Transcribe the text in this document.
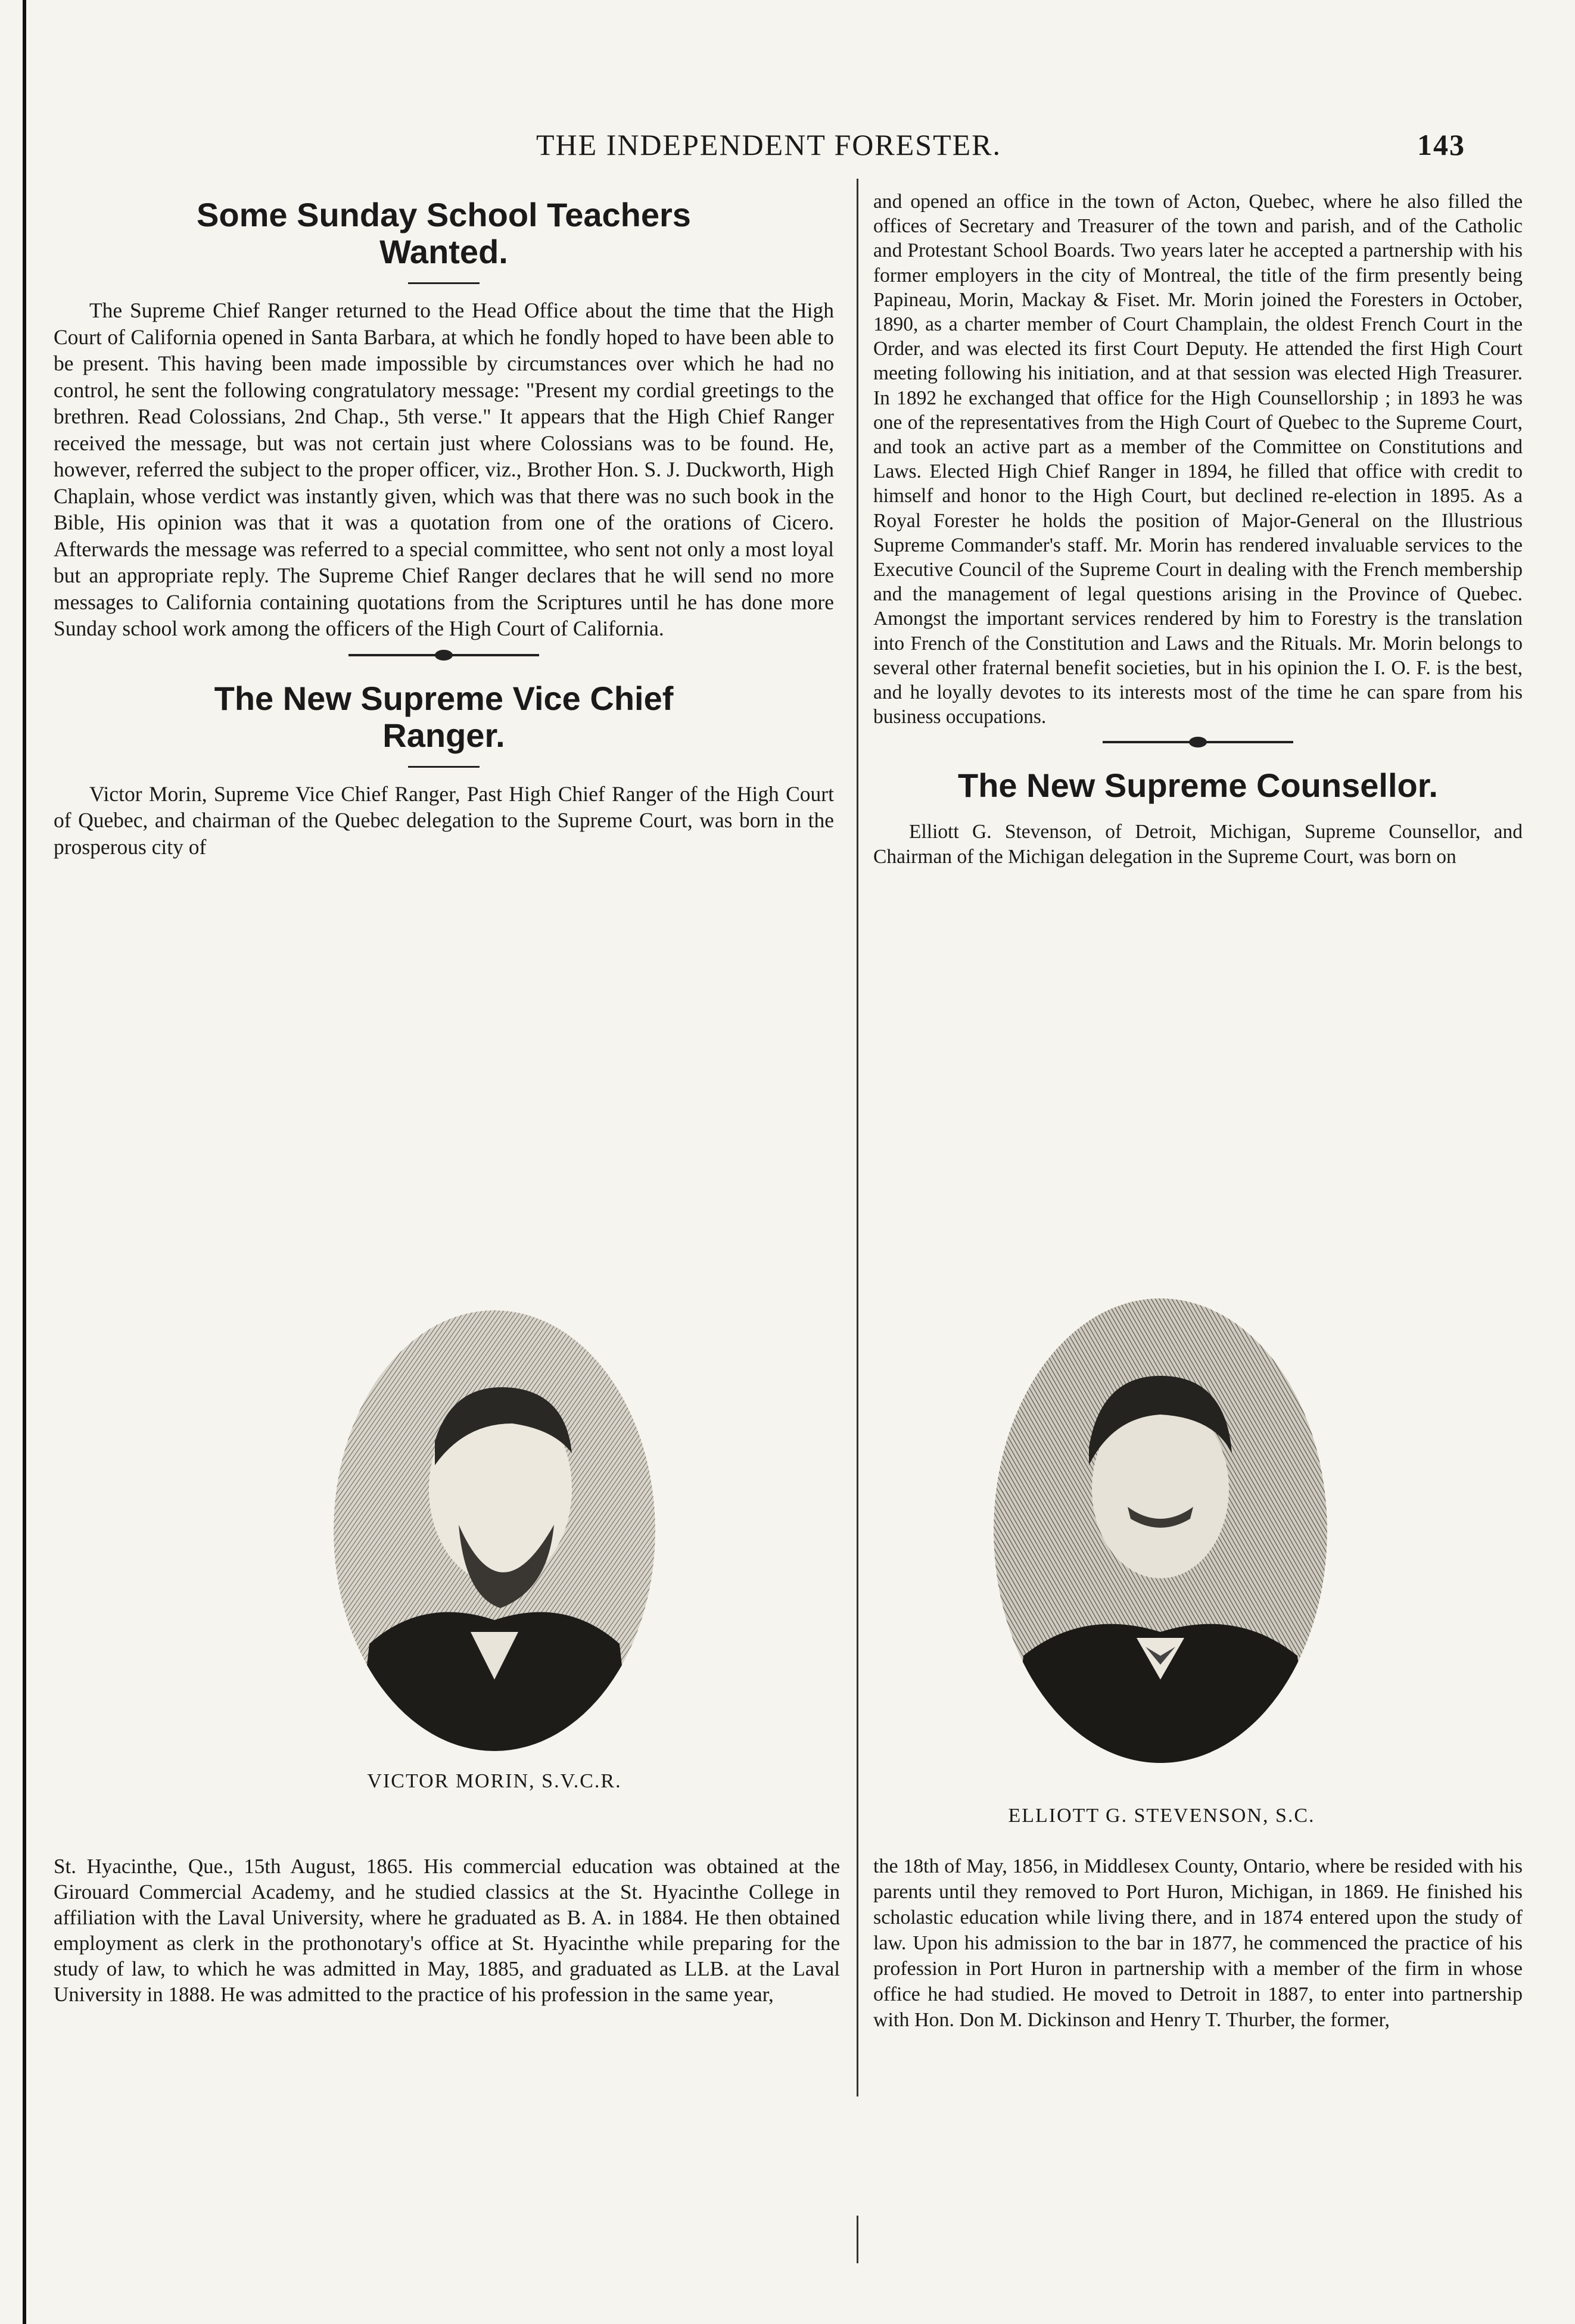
THE INDEPENDENT FORESTER.	143
Some Sunday School Teachers
Wanted.

The Supreme Chief Ranger returned to the Head Office about the time that the High Court of California opened in Santa Barbara, at which he fondly hoped to have been able to be present. This having been made impossible by circumstances over which he had no control, he sent the following congratulatory message: "Present my cordial greetings to the brethren. Read Colossians, 2nd Chap., 5th verse." It appears that the High Chief Ranger received the message, but was not certain just where Colossians was to be found. He, however, referred the subject to the proper officer, viz., Brother Hon. S. J. Duckworth, High Chaplain, whose verdict was instantly given, which was that there was no such book in the Bible, His opinion was that it was a quotation from one of the orations of Cicero. Afterwards the message was referred to a special committee, who sent not only a most loyal but an appropriate reply. The Supreme Chief Ranger declares that he will send no more messages to California containing quotations from the Scriptures until he has done more Sunday school work among the officers of the High Court of California.

The New Supreme Vice Chief
Ranger.

Victor Morin, Supreme Vice Chief Ranger, Past High Chief Ranger of the High Court of Quebec, and chairman of the Quebec delegation to the Supreme Court, was born in the prosperous city of

and opened an office in the town of Acton, Quebec, where he also filled the offices of Secretary and Treasurer of the town and parish, and of the Catholic and Protestant School Boards. Two years later he accepted a partnership with his former employers in the city of Montreal, the title of the firm presently being Papineau, Morin, Mackay & Fiset. Mr. Morin joined the Foresters in October, 1890, as a charter member of Court Champlain, the oldest French Court in the Order, and was elected its first Court Deputy. He attended the first High Court meeting following his initiation, and at that session was elected High Treasurer. In 1892 he exchanged that office for the High Counsellorship ; in 1893 he was one of the representatives from the High Court of Quebec to the Supreme Court, and took an active part as a member of the Committee on Constitutions and Laws. Elected High Chief Ranger in 1894, he filled that office with credit to himself and honor to the High Court, but declined re-election in 1895. As a Royal Forester he holds the position of Major-General on the Illustrious Supreme Commander's staff. Mr. Morin has rendered invaluable services to the Executive Council of the Supreme Court in dealing with the French membership and the management of legal questions arising in the Province of Quebec. Amongst the important services rendered by him to Forestry is the translation into French of the Constitution and Laws and the Rituals. Mr. Morin belongs to several other fraternal benefit societies, but in his opinion the I. O. F. is the best, and he loyally devotes to its interests most of the time he can spare from his business occupations.

The New Supreme Counsellor.

Elliott G. Stevenson, of Detroit, Michigan, Supreme Counsellor, and Chairman of the Michigan delegation in the Supreme Court, was born on

VICTOR MORIN, S.V.C.R.
ELLIOTT G. STEVENSON, S.C.

St. Hyacinthe, Que., 15th August, 1865. His commercial education was obtained at the Girouard Commercial Academy, and he studied classics at the St. Hyacinthe College in affiliation with the Laval University, where he graduated as B. A. in 1884. He then obtained employment as clerk in the prothonotary's office at St. Hyacinthe while preparing for the study of law, to which he was admitted in May, 1885, and graduated as LLB. at the Laval University in 1888. He was admitted to the practice of his profession in the same year,

the 18th of May, 1856, in Middlesex County, Ontario, where be resided with his parents until they removed to Port Huron, Michigan, in 1869. He finished his scholastic education while living there, and in 1874 entered upon the study of law. Upon his admission to the bar in 1877, he commenced the practice of his profession in Port Huron in partnership with a member of the firm in whose office he had studied. He moved to Detroit in 1887, to enter into partnership with Hon. Don M. Dickinson and Henry T. Thurber, the former,
